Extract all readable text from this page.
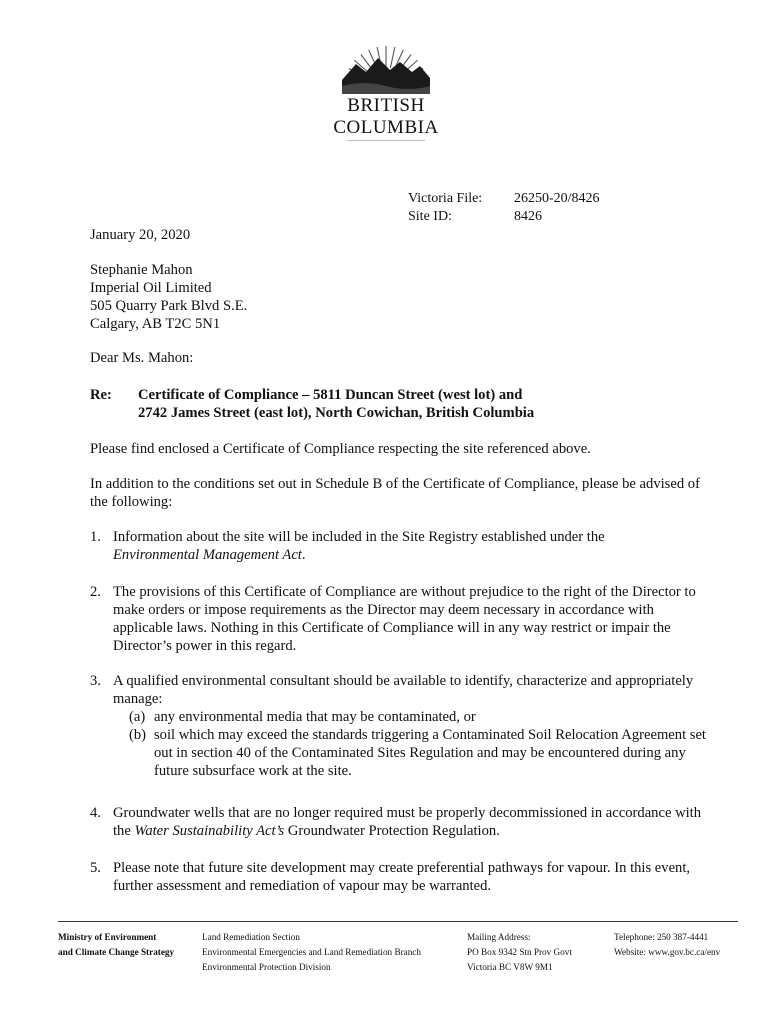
BRITISH
COLUMBIA
Victoria File:	26250-20/8426
Site ID:	8426
January 20, 2020
Stephanie Mahon
Imperial Oil Limited
505 Quarry Park Blvd S.E.
Calgary, AB T2C 5N1
Dear Ms. Mahon:
Re:	Certificate of Compliance – 5811 Duncan Street (west lot) and
2742 James Street (east lot), North Cowichan, British Columbia
Please find enclosed a Certificate of Compliance respecting the site referenced above.
In addition to the conditions set out in Schedule B of the Certificate of Compliance, please be advised of the following:
1. Information about the site will be included in the Site Registry established under the
Environmental Management Act.
2. The provisions of this Certificate of Compliance are without prejudice to the right of the Director to make orders or impose requirements as the Director may deem necessary in accordance with applicable laws. Nothing in this Certificate of Compliance will in any way restrict or impair the Director’s power in this regard.
3. A qualified environmental consultant should be available to identify, characterize and appropriately manage:
(a) any environmental media that may be contaminated, or
(b) soil which may exceed the standards triggering a Contaminated Soil Relocation Agreement set out in section 40 of the Contaminated Sites Regulation and may be encountered during any future subsurface work at the site.
4. Groundwater wells that are no longer required must be properly decommissioned in accordance with the Water Sustainability Act’s Groundwater Protection Regulation.
5. Please note that future site development may create preferential pathways for vapour. In this event, further assessment and remediation of vapour may be warranted.
Ministry of Environment
and Climate Change Strategy
Land Remediation Section
Environmental Emergencies and Land Remediation Branch
Environmental Protection Division
Mailing Address:
PO Box 9342 Stn Prov Govt
Victoria BC V8W 9M1
Telephone: 250 387-4441
Website: www.gov.bc.ca/env
